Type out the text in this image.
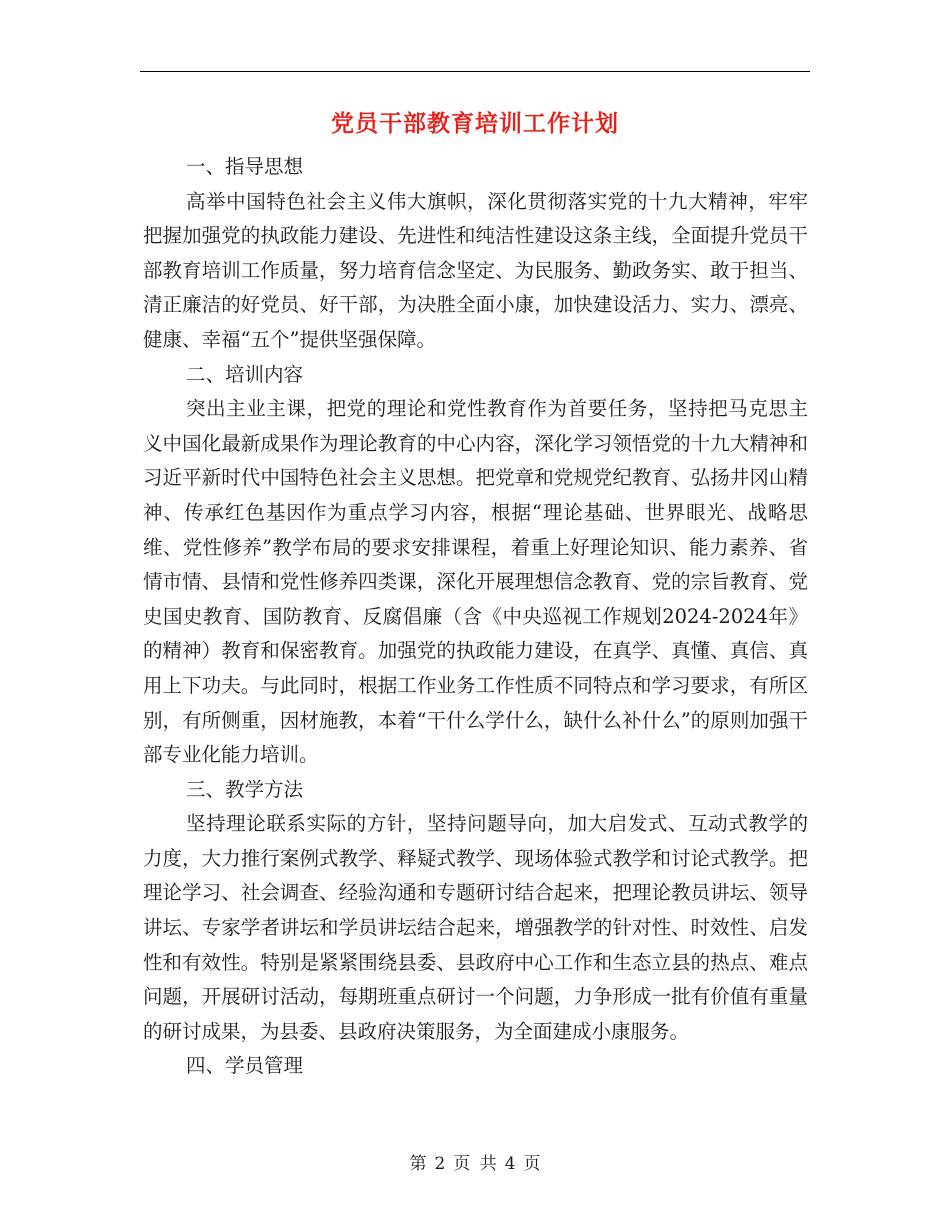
党员干部教育培训工作计划
一、指导思想
高举中国特色社会主义伟大旗帜，深化贯彻落实党的十九大精神，牢牢把握加强党的执政能力建设、先进性和纯洁性建设这条主线，全面提升党员干部教育培训工作质量，努力培育信念坚定、为民服务、勤政务实、敢于担当、清正廉洁的好党员、好干部，为决胜全面小康，加快建设活力、实力、漂亮、健康、幸福“五个”提供坚强保障。
二、培训内容
突出主业主课，把党的理论和党性教育作为首要任务，坚持把马克思主义中国化最新成果作为理论教育的中心内容，深化学习领悟党的十九大精神和习近平新时代中国特色社会主义思想。把党章和党规党纪教育、弘扬井冈山精神、传承红色基因作为重点学习内容，根据“理论基础、世界眼光、战略思维、党性修养”教学布局的要求安排课程，着重上好理论知识、能力素养、省情市情、县情和党性修养四类课，深化开展理想信念教育、党的宗旨教育、党史国史教育、国防教育、反腐倡廉（含《中央巡视工作规划2024-2024年》的精神）教育和保密教育。加强党的执政能力建设，在真学、真懂、真信、真用上下功夫。与此同时，根据工作业务工作性质不同特点和学习要求，有所区别，有所侧重，因材施教，本着“干什么学什么，缺什么补什么”的原则加强干部专业化能力培训。
三、教学方法
坚持理论联系实际的方针，坚持问题导向，加大启发式、互动式教学的力度，大力推行案例式教学、释疑式教学、现场体验式教学和讨论式教学。把理论学习、社会调查、经验沟通和专题研讨结合起来，把理论教员讲坛、领导讲坛、专家学者讲坛和学员讲坛结合起来，增强教学的针对性、时效性、启发性和有效性。特别是紧紧围绕县委、县政府中心工作和生态立县的热点、难点问题，开展研讨活动，每期班重点研讨一个问题，力争形成一批有价值有重量的研讨成果，为县委、县政府决策服务，为全面建成小康服务。
四、学员管理
第 2 页 共 4 页
